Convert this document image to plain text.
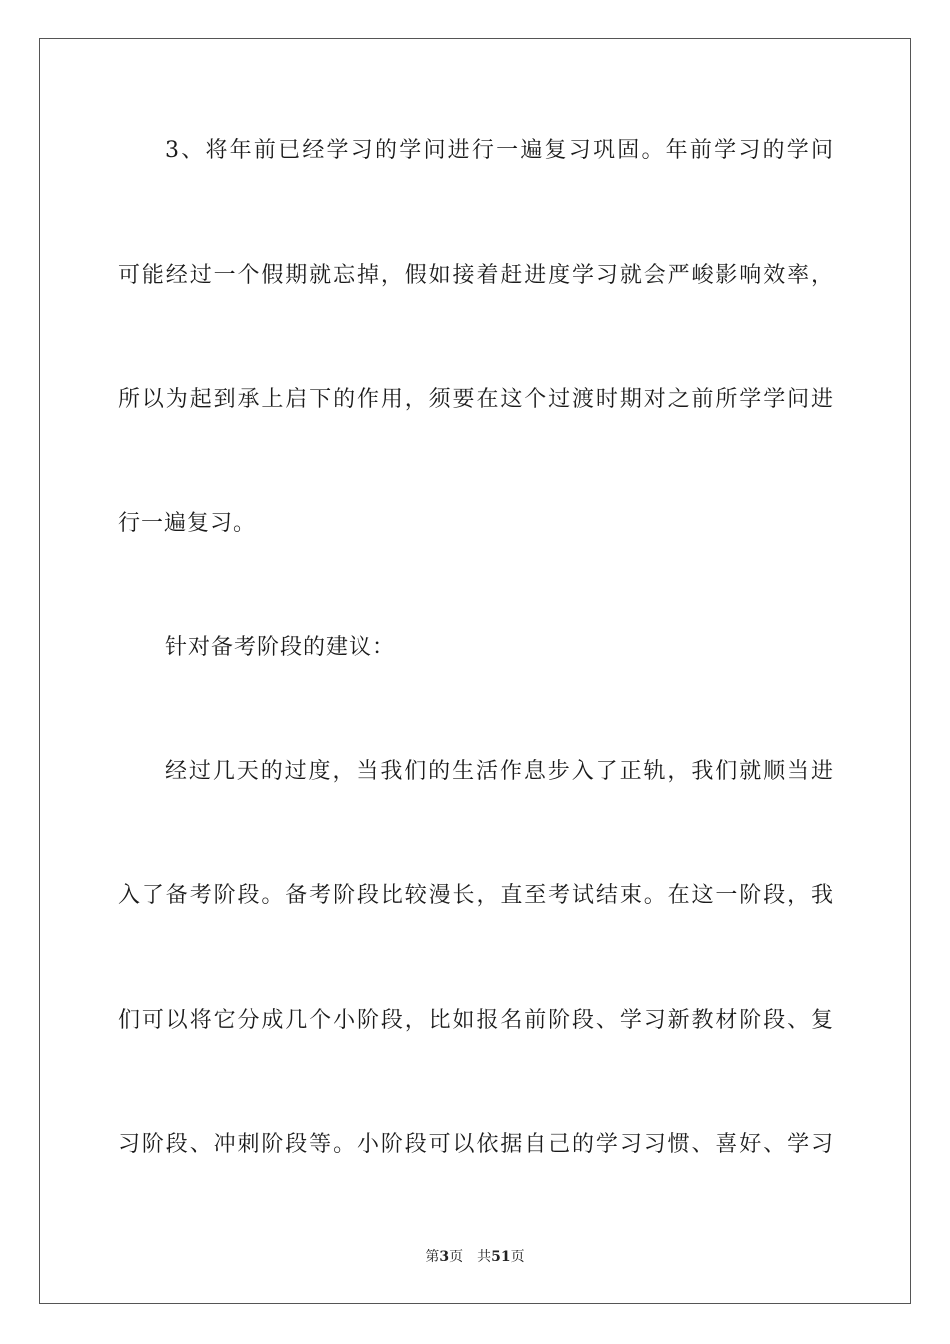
3、将年前已经学习的学问进行一遍复习巩固。年前学习的学问
可能经过一个假期就忘掉，假如接着赶进度学习就会严峻影响效率，
所以为起到承上启下的作用，须要在这个过渡时期对之前所学学问进
行一遍复习。
针对备考阶段的建议：
经过几天的过度，当我们的生活作息步入了正轨，我们就顺当进
入了备考阶段。备考阶段比较漫长，直至考试结束。在这一阶段，我
们可以将它分成几个小阶段，比如报名前阶段、学习新教材阶段、复
习阶段、冲刺阶段等。小阶段可以依据自己的学习习惯、喜好、学习
第3页 共51页
